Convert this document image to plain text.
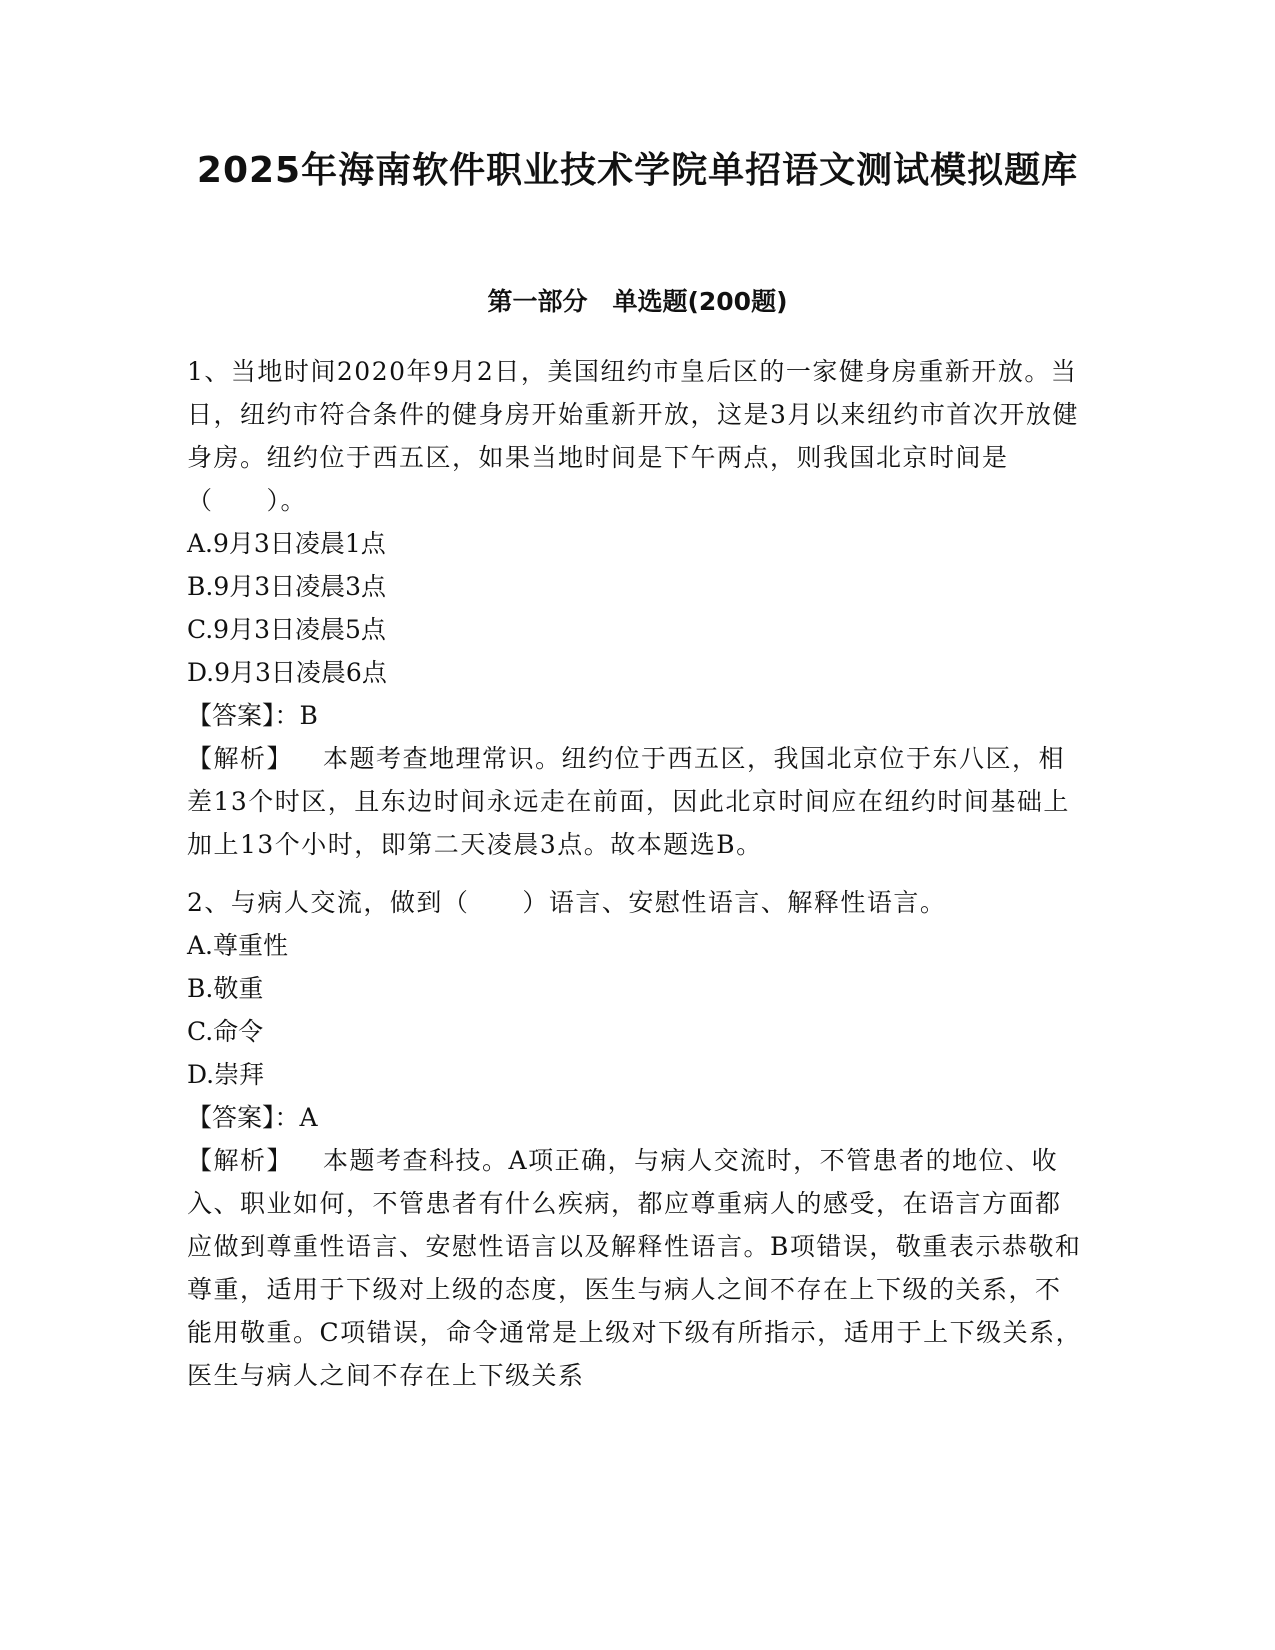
2025年海南软件职业技术学院单招语文测试模拟题库
第一部分　单选题(200题)

1、当地时间2020年9月2日，美国纽约市皇后区的一家健身房重新开放。当日，纽约市符合条件的健身房开始重新开放，这是3月以来纽约市首次开放健身房。纽约位于西五区，如果当地时间是下午两点，则我国北京时间是（　　）。

A.9月3日凌晨1点

B.9月3日凌晨3点

C.9月3日凌晨5点

D.9月3日凌晨6点

【答案】：B

【解析】 本题考查地理常识。纽约位于西五区，我国北京位于东八区，相差13个时区，且东边时间永远走在前面，因此北京时间应在纽约时间基础上加上13个小时，即第二天凌晨3点。故本题选B。

2、与病人交流，做到（　　）语言、安慰性语言、解释性语言。

A.尊重性

B.敬重

C.命令

D.崇拜

【答案】：A

【解析】 本题考查科技。A项正确，与病人交流时，不管患者的地位、收入、职业如何，不管患者有什么疾病，都应尊重病人的感受，在语言方面都应做到尊重性语言、安慰性语言以及解释性语言。B项错误，敬重表示恭敬和尊重，适用于下级对上级的态度，医生与病人之间不存在上下级的关系，不能用敬重。C项错误，命令通常是上级对下级有所指示，适用于上下级关系，医生与病人之间不存在上下级关系
